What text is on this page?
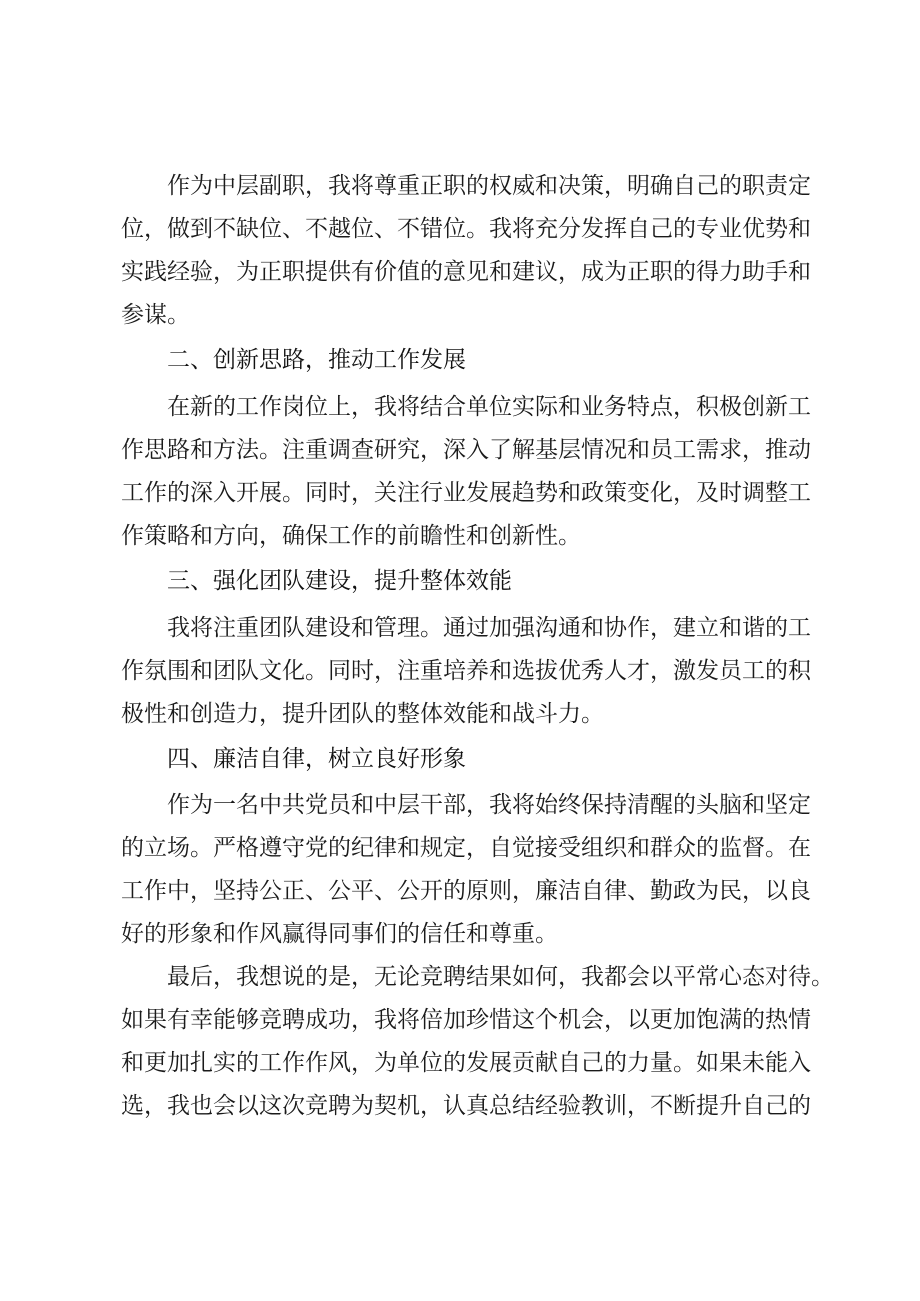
作为中层副职，我将尊重正职的权威和决策，明确自己的职责定
位，做到不缺位、不越位、不错位。我将充分发挥自己的专业优势和
实践经验，为正职提供有价值的意见和建议，成为正职的得力助手和
参谋。
二、创新思路，推动工作发展
在新的工作岗位上，我将结合单位实际和业务特点，积极创新工
作思路和方法。注重调查研究，深入了解基层情况和员工需求，推动
工作的深入开展。同时，关注行业发展趋势和政策变化，及时调整工
作策略和方向，确保工作的前瞻性和创新性。
三、强化团队建设，提升整体效能
我将注重团队建设和管理。通过加强沟通和协作，建立和谐的工
作氛围和团队文化。同时，注重培养和选拔优秀人才，激发员工的积
极性和创造力，提升团队的整体效能和战斗力。
四、廉洁自律，树立良好形象
作为一名中共党员和中层干部，我将始终保持清醒的头脑和坚定
的立场。严格遵守党的纪律和规定，自觉接受组织和群众的监督。在
工作中，坚持公正、公平、公开的原则，廉洁自律、勤政为民，以良
好的形象和作风赢得同事们的信任和尊重。
最后，我想说的是，无论竞聘结果如何，我都会以平常心态对待。
如果有幸能够竞聘成功，我将倍加珍惜这个机会，以更加饱满的热情
和更加扎实的工作作风，为单位的发展贡献自己的力量。如果未能入
选，我也会以这次竞聘为契机，认真总结经验教训，不断提升自己的
